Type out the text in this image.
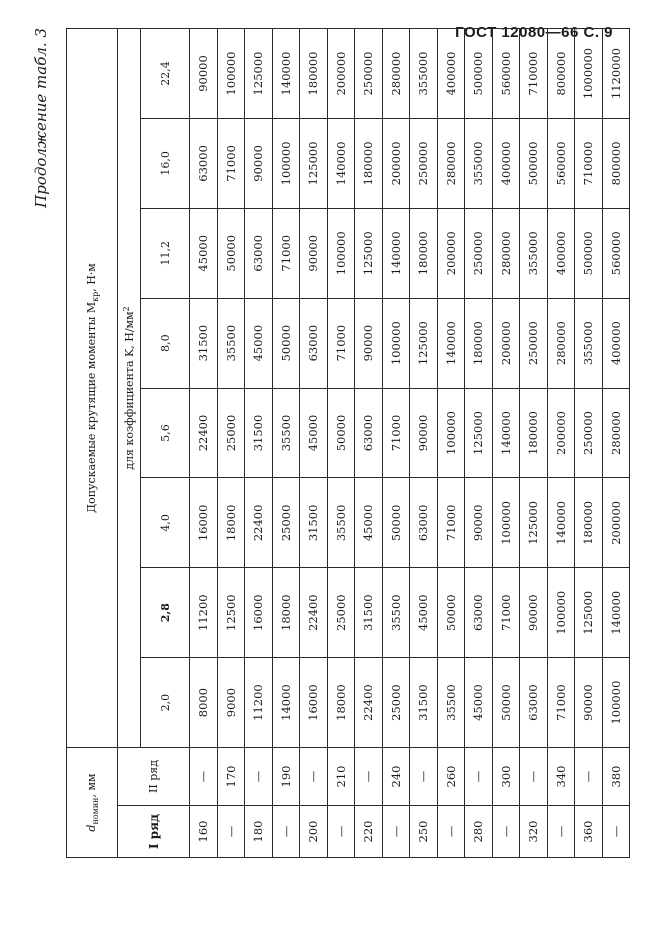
ГОСТ 12080—66 С. 9
Продолжение табл. 3
$d_{номин}$, мм		Допускаемые крутящие моменты $M_{кр}$, Н·м							
I ряд	II ряд	для коэффициента K, $Н/мм^2$
		2,0	2,8	4,0	5,6	8,0	11,2	16,0	22,4
160	—	8000	11200	16000	22400	31500	45000	63000	90000
—	170	9000	12500	18000	25000	35500	50000	71000	100000
180	—	11200	16000	22400	31500	45000	63000	90000	125000
—	190	14000	18000	25000	35500	50000	71000	100000	140000
200	—	16000	22400	31500	45000	63000	90000	125000	180000
—	210	18000	25000	35500	50000	71000	100000	140000	200000
220	—	22400	31500	45000	63000	90000	125000	180000	250000
—	240	25000	35500	50000	71000	100000	140000	200000	280000
250	—	31500	45000	63000	90000	125000	180000	250000	355000
—	260	35500	50000	71000	100000	140000	200000	280000	400000
280	—	45000	63000	90000	125000	180000	250000	355000	500000
—	300	50000	71000	100000	140000	200000	280000	400000	560000
320	—	63000	90000	125000	180000	250000	355000	500000	710000
—	340	71000	100000	140000	200000	280000	400000	560000	800000
360	—	90000	125000	180000	250000	355000	500000	710000	1000000
—	380	100000	140000	200000	280000	400000	560000	800000	1120000
